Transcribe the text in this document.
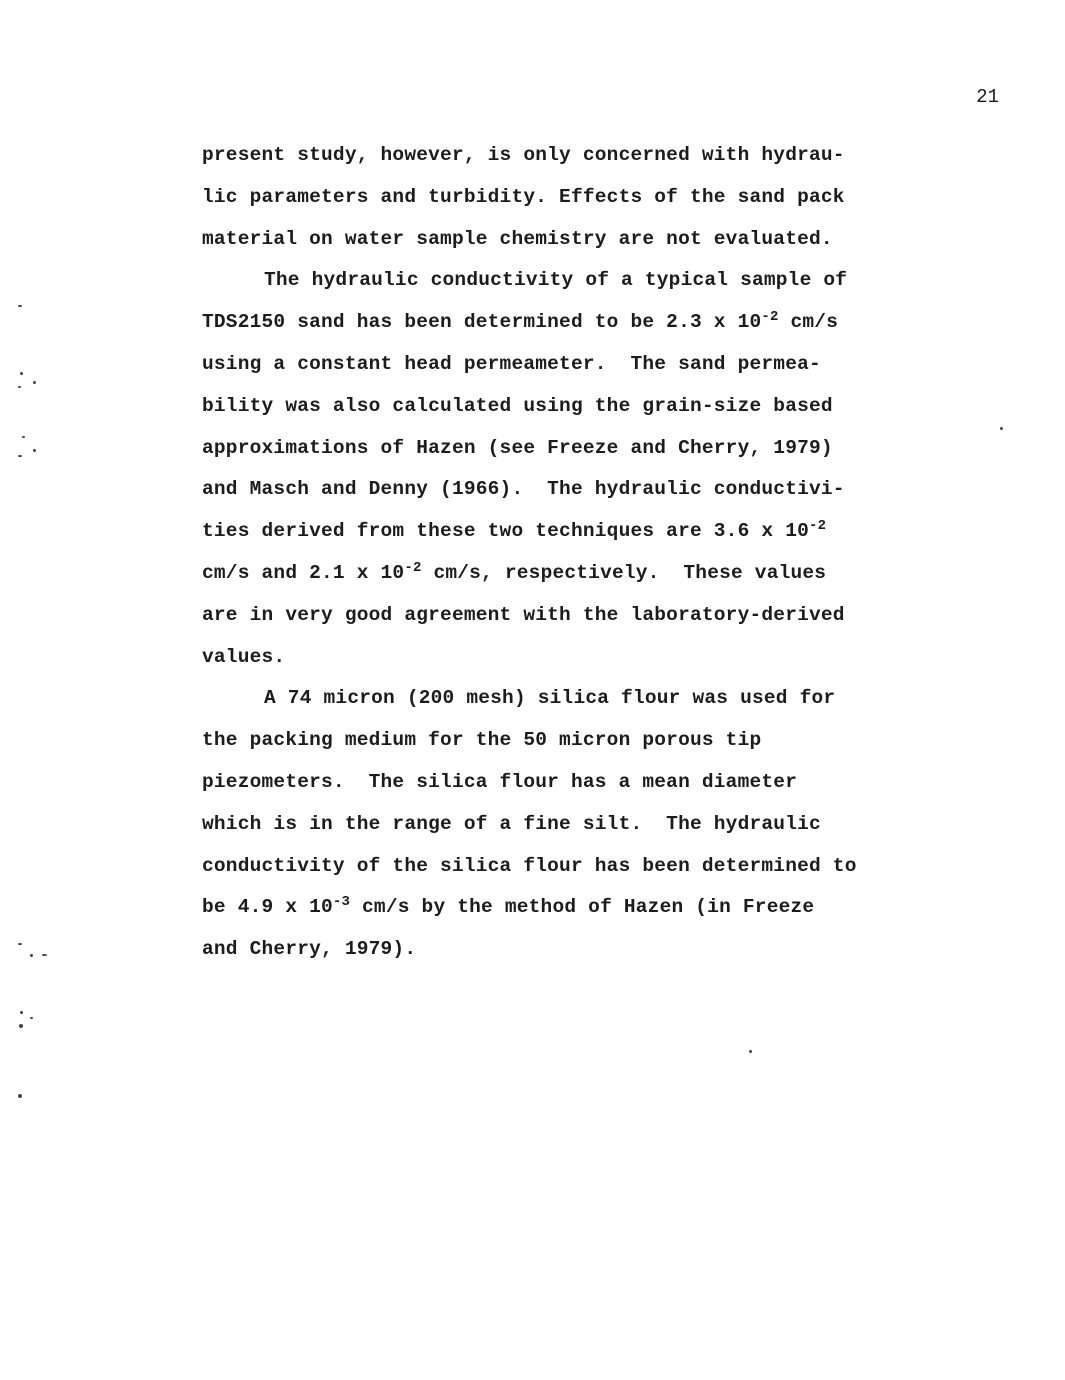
21
present study, however, is only concerned with hydrau-
lic parameters and turbidity. Effects of the sand pack
material on water sample chemistry are not evaluated.
The hydraulic conductivity of a typical sample of
TDS2150 sand has been determined to be 2.3 x $10^{-2}$ cm/s
using a constant head permeameter.  The sand permea-
bility was also calculated using the grain-size based
approximations of Hazen (see Freeze and Cherry, 1979)
and Masch and Denny (1966).  The hydraulic conductivi-
ties derived from these two techniques are 3.6 x $10^{-2}$
cm/s and 2.1 x $10^{-2}$ cm/s, respectively.  These values
are in very good agreement with the laboratory-derived
values.
A 74 micron (200 mesh) silica flour was used for
the packing medium for the 50 micron porous tip
piezometers.  The silica flour has a mean diameter
which is in the range of a fine silt.  The hydraulic
conductivity of the silica flour has been determined to
be 4.9 x $10^{-3}$ cm/s by the method of Hazen (in Freeze
and Cherry, 1979).
